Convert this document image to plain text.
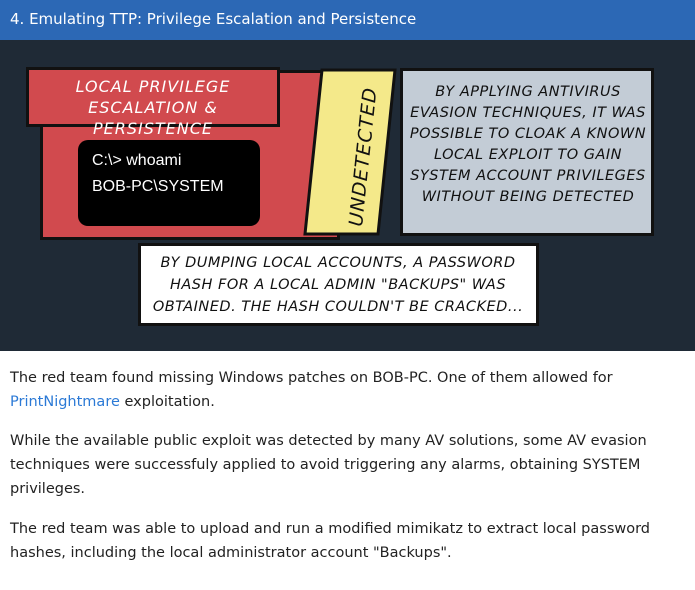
4. Emulating TTP: Privilege Escalation and Persistence
LOCAL PRIVILEGE ESCALATION & PERSISTENCE
C:\> whoami
BOB-PC\SYSTEM	UNDETECTED	BY APPLYING ANTIVIRUS EVASION TECHNIQUES, IT WAS POSSIBLE TO CLOAK A KNOWN LOCAL EXPLOIT TO GAIN SYSTEM ACCOUNT PRIVILEGES WITHOUT BEING DETECTED
BY DUMPING LOCAL ACCOUNTS, A PASSWORD HASH FOR A LOCAL ADMIN "BACKUPS" WAS OBTAINED. THE HASH COULDN'T BE CRACKED...

The red team found missing Windows patches on BOB-PC. One of them allowed for
PrintNightmare exploitation.

While the available public exploit was detected by many AV solutions, some AV evasion techniques were successfuly applied to avoid triggering any alarms, obtaining SYSTEM privileges.

The red team was able to upload and run a modified mimikatz to extract local password hashes, including the local administrator account "Backups".
